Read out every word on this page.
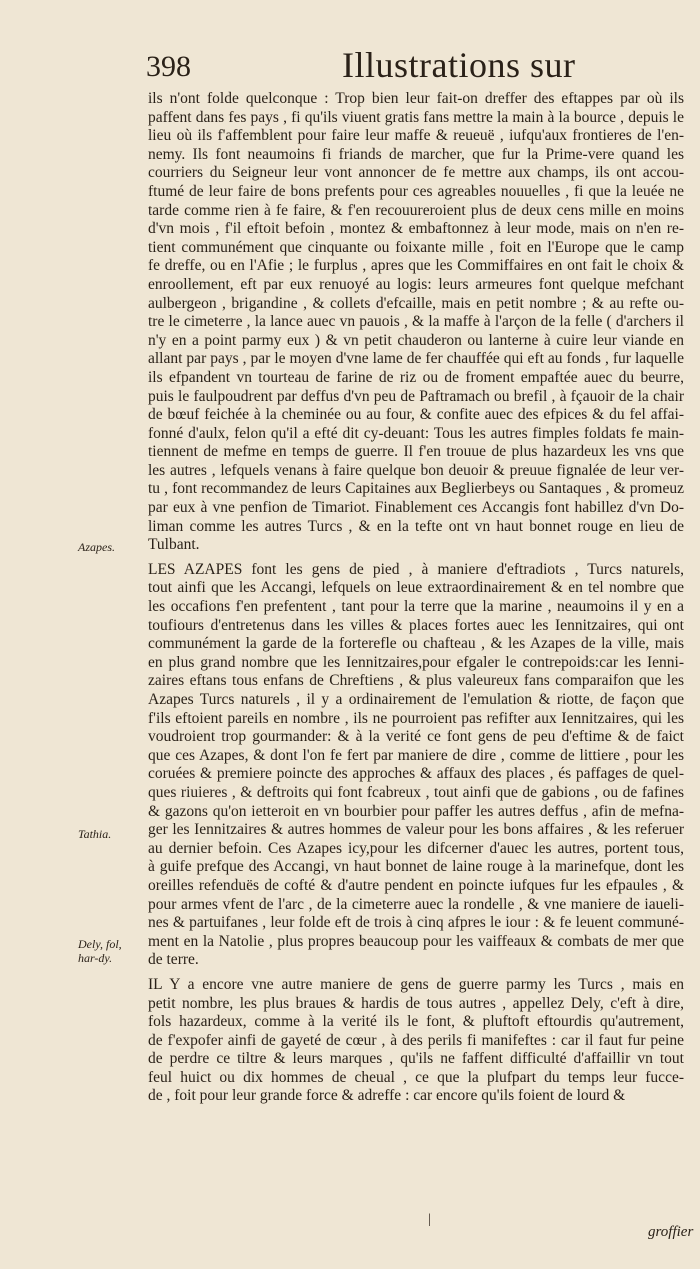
398	Illustrations sur
Azapes.
Tathia.
Dely, fol, har-dy.
ils n'ont folde quelconque : Trop bien leur fait-on dreffer des eftappes par où ils
paffent dans fes pays , fi qu'ils viuent gratis fans mettre la main à la bource , depuis le
lieu où ils f'affemblent pour faire leur maffe & reueuë , iufqu'aux frontieres de l'en-
nemy. Ils font neaumoins fi friands de marcher, que fur la Prime-vere quand les
courriers du Seigneur leur vont annoncer de fe mettre aux champs, ils ont accou-
ftumé de leur faire de bons prefents pour ces agreables nouuelles , fi que la leuée ne
tarde comme rien à fe faire, & f'en recouureroient plus de deux cens mille en moins
d'vn mois , f'il eftoit befoin , montez & embaftonnez à leur mode, mais on n'en re-
tient communément que cinquante ou foixante mille , foit en l'Europe que le camp
fe dreffe, ou en l'Afie ; le furplus , apres que les Commiffaires en ont fait le choix &
enroollement, eft par eux renuoyé au logis: leurs armeures font quelque mefchant
aulbergeon , brigandine , & collets d'efcaille, mais en petit nombre ; & au refte ou-
tre le cimeterre , la lance auec vn pauois , & la maffe à l'arçon de la felle ( d'archers il
n'y en a point parmy eux ) & vn petit chauderon ou lanterne à cuire leur viande en
allant par pays , par le moyen d'vne lame de fer chauffée qui eft au fonds , fur laquelle
ils efpandent vn tourteau de farine de riz ou de froment empaftée auec du beurre,
puis le faulpoudrent par deffus d'vn peu de Paftramach ou brefil , à fçauoir de la chair
de bœuf feichée à la cheminée ou au four, & confite auec des efpices & du fel affai-
fonné d'aulx, felon qu'il a efté dit cy-deuant: Tous les autres fimples foldats fe main-
tiennent de mefme en temps de guerre. Il f'en trouue de plus hazardeux les vns que
les autres , lefquels venans à faire quelque bon deuoir & preuue fignalée de leur ver-
tu , font recommandez de leurs Capitaines aux Beglierbeys ou Santaques , & promeuz
par eux à vne penfion de Timariot. Finablement ces Accangis font habillez d'vn Do-
liman comme les autres Turcs , & en la tefte ont vn haut bonnet rouge en lieu de
Tulbant.
LES AZAPES font les gens de pied , à maniere d'eftradiots , Turcs naturels,
tout ainfi que les Accangi, lefquels on leue extraordinairement & en tel nombre que
les occafions f'en prefentent , tant pour la terre que la marine , neaumoins il y en a
toufiours d'entretenus dans les villes & places fortes auec les Iennitzaires, qui ont
communément la garde de la forterefle ou chafteau , & les Azapes de la ville, mais
en plus grand nombre que les Iennitzaires,pour efgaler le contrepoids:car les Ienni-
zaires eftans tous enfans de Chreftiens , & plus valeureux fans comparaifon que les
Azapes Turcs naturels , il y a ordinairement de l'emulation & riotte, de façon que
f'ils eftoient pareils en nombre , ils ne pourroient pas refifter aux Iennitzaires, qui les
voudroient trop gourmander: & à la verité ce font gens de peu d'eftime & de faict
que ces Azapes, & dont l'on fe fert par maniere de dire , comme de littiere , pour les
coruées & premiere poincte des approches & affaux des places , és paffages de quel-
ques riuieres , & deftroits qui font fcabreux , tout ainfi que de gabions , ou de fafines
& gazons qu'on ietteroit en vn bourbier pour paffer les autres deffus , afin de mefna-
ger les Iennitzaires & autres hommes de valeur pour les bons affaires , & les referuer
au dernier befoin. Ces Azapes icy,pour les difcerner d'auec les autres, portent tous,
à guife prefque des Accangi, vn haut bonnet de laine rouge à la marinefque, dont les
oreilles refenduës de cofté & d'autre pendent en poincte iufques fur les efpaules , &
pour armes vfent de l'arc , de la cimeterre auec la rondelle , & vne maniere de iaueli-
nes & partuifanes , leur folde eft de trois à cinq afpres le iour : & fe leuent communé-
ment en la Natolie , plus propres beaucoup pour les vaiffeaux & combats de mer que
de terre.
IL Y a encore vne autre maniere de gens de guerre parmy les Turcs , mais en
petit nombre, les plus braues & hardis de tous autres , appellez Dely, c'eft à dire,
fols hazardeux, comme à la verité ils le font, & pluftoft eftourdis qu'autrement,
de f'expofer ainfi de gayeté de cœur , à des perils fi manifeftes : car il faut fur peine
de perdre ce tiltre & leurs marques , qu'ils ne faffent difficulté d'affaillir vn tout
feul huict ou dix hommes de cheual , ce que la plufpart du temps leur fucce-
de , foit pour leur grande force & adreffe : car encore qu'ils foient de lourd &
|
groffier
